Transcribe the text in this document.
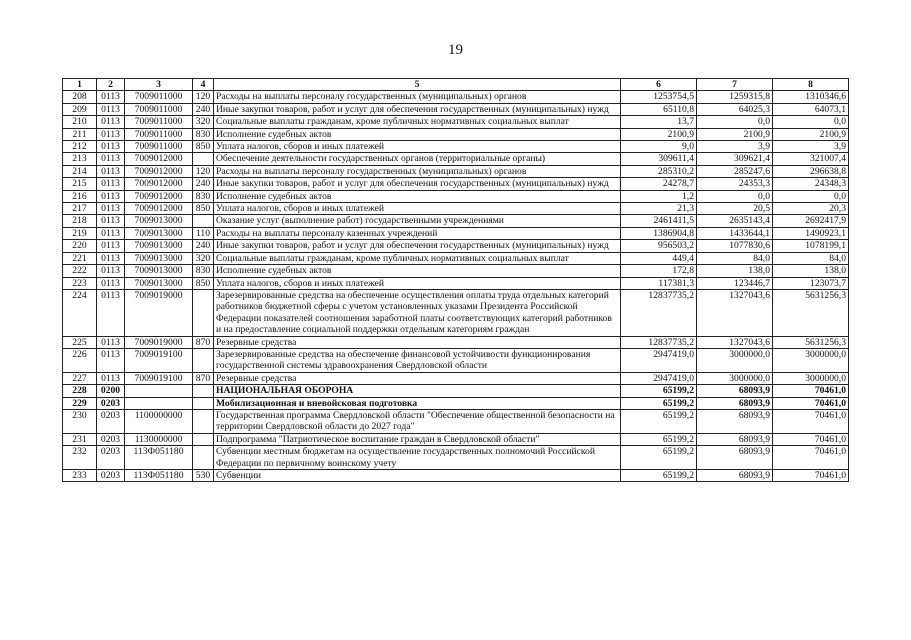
19
1	2	3	4	5	6	7	8
208	0113	7009011000	120	Расходы на выплаты персоналу государственных (муниципальных) органов	1253754,5	1259315,8	1310346,6
209	0113	7009011000	240	Иные закупки товаров, работ и услуг для обеспечения государственных (муниципальных) нужд	65110,8	64025,3	64073,1
210	0113	7009011000	320	Социальные выплаты гражданам, кроме публичных нормативных социальных выплат	13,7	0,0	0,0
211	0113	7009011000	830	Исполнение судебных актов	2100,9	2100,9	2100,9
212	0113	7009011000	850	Уплата налогов, сборов и иных платежей	9,0	3,9	3,9
213	0113	7009012000		Обеспечение деятельности государственных органов (территориальные органы)	309611,4	309621,4	321007,4
214	0113	7009012000	120	Расходы на выплаты персоналу государственных (муниципальных) органов	285310,2	285247,6	296638,8
215	0113	7009012000	240	Иные закупки товаров, работ и услуг для обеспечения государственных (муниципальных) нужд	24278,7	24353,3	24348,3
216	0113	7009012000	830	Исполнение судебных актов	1,2	0,0	0,0
217	0113	7009012000	850	Уплата налогов, сборов и иных платежей	21,3	20,5	20,3
218	0113	7009013000		Оказание услуг (выполнение работ) государственными учреждениями	2461411,5	2635143,4	2692417,9
219	0113	7009013000	110	Расходы на выплаты персоналу казенных учреждений	1386904,8	1433644,1	1490923,1
220	0113	7009013000	240	Иные закупки товаров, работ и услуг для обеспечения государственных (муниципальных) нужд	956503,2	1077830,6	1078199,1
221	0113	7009013000	320	Социальные выплаты гражданам, кроме публичных нормативных социальных выплат	449,4	84,0	84,0
222	0113	7009013000	830	Исполнение судебных актов	172,8	138,0	138,0
223	0113	7009013000	850	Уплата налогов, сборов и иных платежей	117381,3	123446,7	123073,7
224	0113	7009019000		Зарезервированные средства на обеспечение осуществления оплаты труда отдельных категорий работников бюджетной сферы с учетом установленных указами Президента Российской Федерации показателей соотношения заработной платы соответствующих категорий работников и на предоставление социальной поддержки отдельным категориям граждан	12837735,2	1327043,6	5631256,3
225	0113	7009019000	870	Резервные средства	12837735,2	1327043,6	5631256,3
226	0113	7009019100		Зарезервированные средства на обеспечение финансовой устойчивости функционирования государственной системы здравоохранения Свердловской области	2947419,0	3000000,0	3000000,0
227	0113	7009019100	870	Резервные средства	2947419,0	3000000,0	3000000,0
228	0200			НАЦИОНАЛЬНАЯ ОБОРОНА	65199,2	68093,9	70461,0
229	0203			Мобилизационная и вневойсковая подготовка	65199,2	68093,9	70461,0
230	0203	1100000000		Государственная программа Свердловской области "Обеспечение общественной безопасности на территории Свердловской области до 2027 года"	65199,2	68093,9	70461,0
231	0203	1130000000		Подпрограмма "Патриотическое воспитание граждан в Свердловской области"	65199,2	68093,9	70461,0
232	0203	113Ф051180		Субвенции местным бюджетам на осуществление государственных полномочий Российской Федерации по первичному воинскому учету	65199,2	68093,9	70461,0
233	0203	113Ф051180	530	Субвенции	65199,2	68093,9	70461,0
